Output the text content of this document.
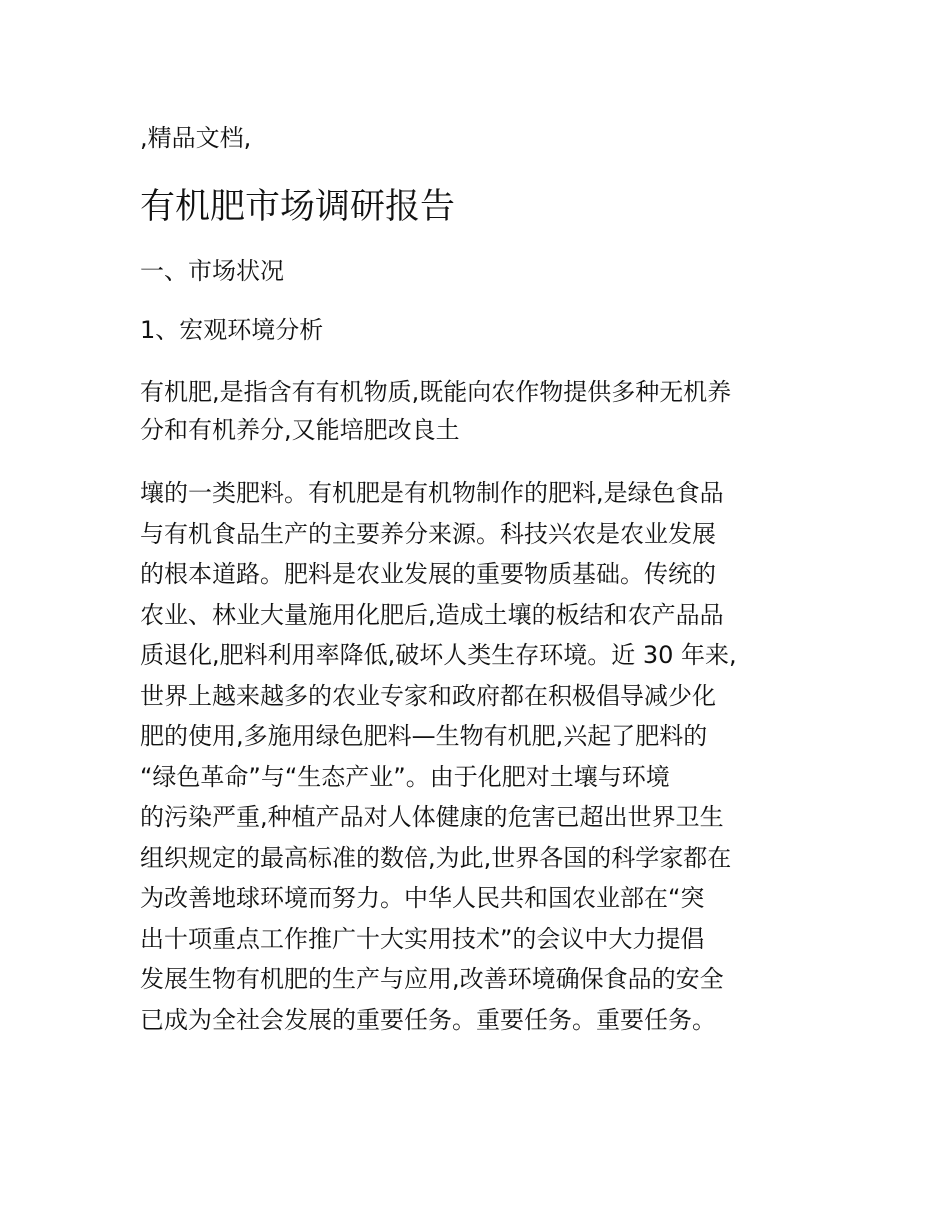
,精品文档,
有机肥市场调研报告
一、市场状况
1、宏观环境分析

有机肥,是指含有有机物质,既能向农作物提供多种无机养
分和有机养分,又能培肥改良土

壤的一类肥料。有机肥是有机物制作的肥料,是绿色食品
与有机食品生产的主要养分来源。科技兴农是农业发展
的根本道路。肥料是农业发展的重要物质基础。传统的
农业、林业大量施用化肥后,造成土壤的板结和农产品品
质退化,肥料利用率降低,破坏人类生存环境。近 30 年来,
世界上越来越多的农业专家和政府都在积极倡导减少化
肥的使用,多施用绿色肥料—生物有机肥,兴起了肥料的
“绿色革命”与“生态产业”。由于化肥对土壤与环境
的污染严重,种植产品对人体健康的危害已超出世界卫生
组织规定的最高标准的数倍,为此,世界各国的科学家都在
为改善地球环境而努力。中华人民共和国农业部在“突
出十项重点工作推广十大实用技术”的会议中大力提倡
发展生物有机肥的生产与应用,改善环境确保食品的安全
已成为全社会发展的重要任务。重要任务。重要任务。
